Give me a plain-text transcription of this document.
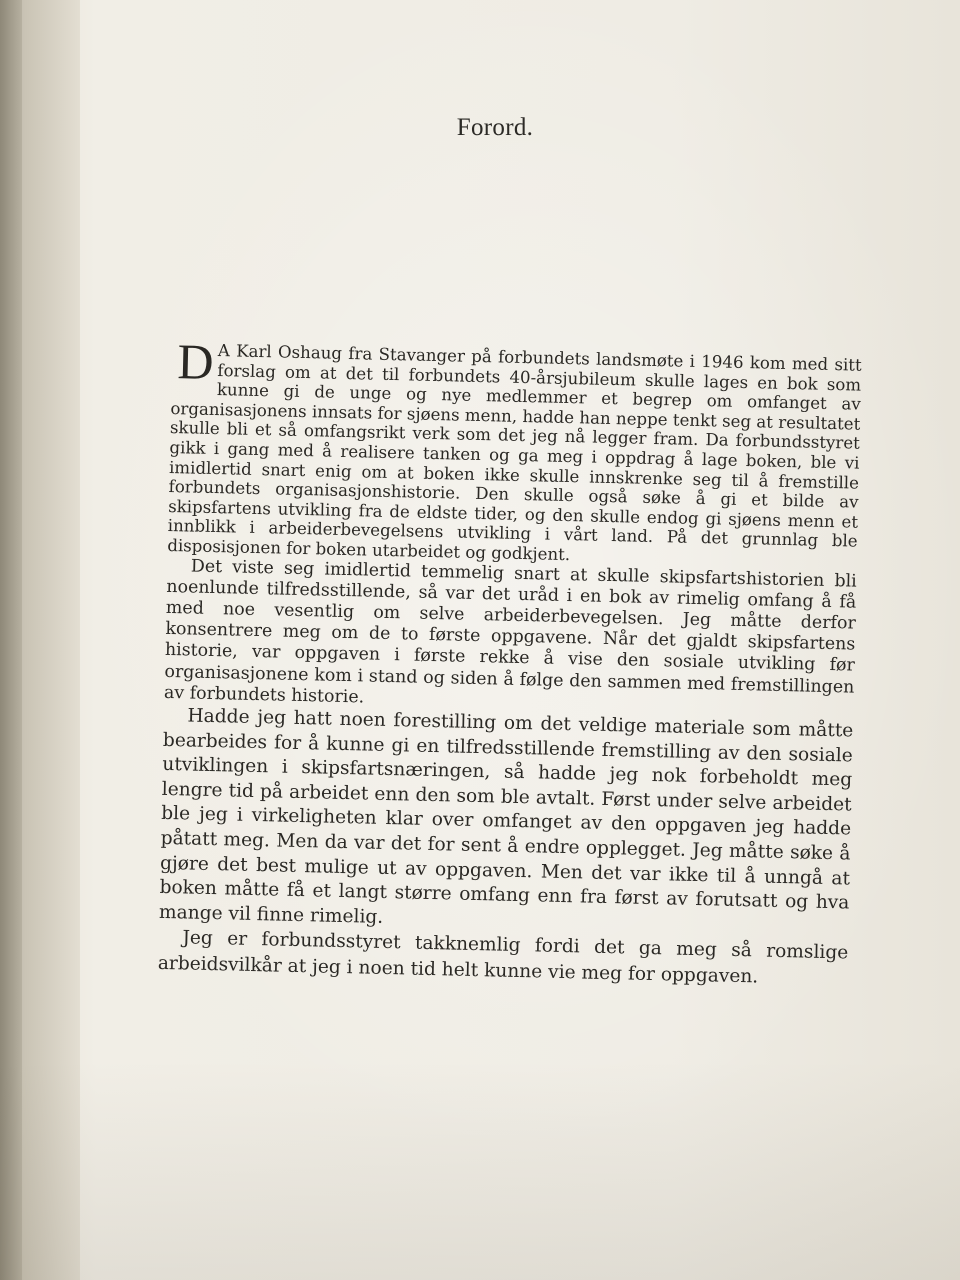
Forord.

D A Karl Oshaug fra Stavanger på forbundets landsmøte i 1946 kom med sitt forslag om at det til forbundets 40-årsjubileum skulle lages en bok som kunne gi de unge og nye medlemmer et begrep om omfanget av organisasjonens innsats for sjøens menn, hadde han neppe tenkt seg at resultatet skulle bli et så omfangsrikt verk som det jeg nå legger fram. Da forbundsstyret gikk i gang med å realisere tanken og ga meg i oppdrag å lage boken, ble vi imidlertid snart enig om at boken ikke skulle innskrenke seg til å fremstille forbundets organisasjonshistorie. Den skulle også søke å gi et bilde av skipsfartens utvikling fra de eldste tider, og den skulle endog gi sjøens menn et innblikk i arbeiderbevegelsens utvikling i vårt land. På det grunnlag ble disposisjonen for boken utarbeidet og godkjent.

Det viste seg imidlertid temmelig snart at skulle skipsfartshistorien bli noenlunde tilfredsstillende, så var det uråd i en bok av rimelig omfang å få med noe vesentlig om selve arbeiderbevegelsen. Jeg måtte derfor konsentrere meg om de to første oppgavene. Når det gjaldt skipsfartens historie, var oppgaven i første rekke å vise den sosiale utvikling før organisasjonene kom i stand og siden å følge den sammen med fremstillingen av forbundets historie.

Hadde jeg hatt noen forestilling om det veldige materiale som måtte bearbeides for å kunne gi en tilfredsstillende fremstilling av den sosiale utviklingen i skipsfartsnæringen, så hadde jeg nok forbeholdt meg lengre tid på arbeidet enn den som ble avtalt. Først under selve arbeidet ble jeg i virkeligheten klar over omfanget av den oppgaven jeg hadde påtatt meg. Men da var det for sent å endre opplegget. Jeg måtte søke å gjøre det best mulige ut av oppgaven. Men det var ikke til å unngå at boken måtte få et langt større omfang enn fra først av forutsatt og hva mange vil finne rimelig.

Jeg er forbundsstyret takknemlig fordi det ga meg så romslige arbeidsvilkår at jeg i noen tid helt kunne vie meg for oppgaven.
